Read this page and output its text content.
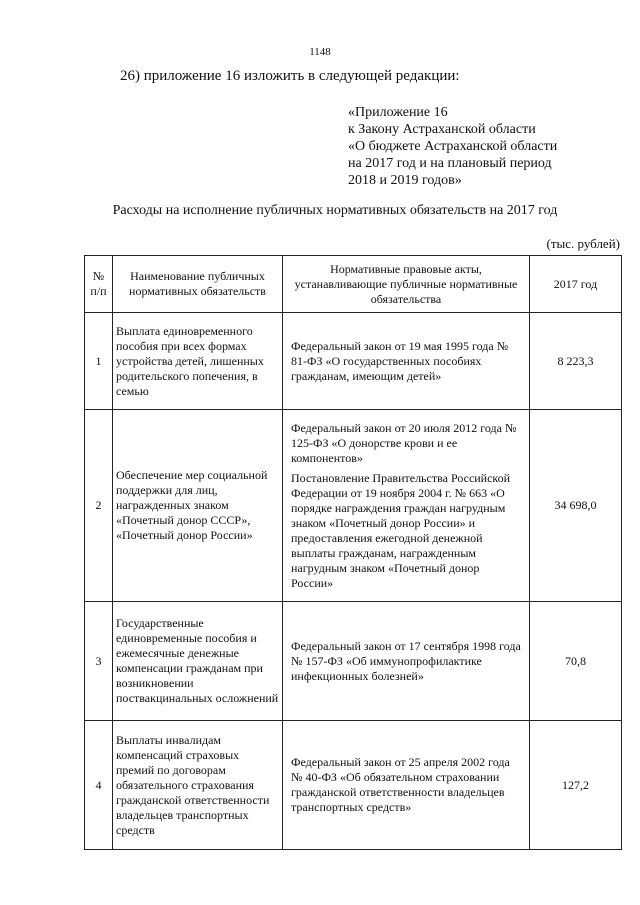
1148
26) приложение 16 изложить в следующей редакции:
«Приложение 16
к Закону Астраханской области
«О бюджете Астраханской области
на 2017 год и на плановый период
2018 и 2019 годов»
Расходы на исполнение публичных нормативных обязательств на 2017 год
(тыс. рублей)
№ п/п	Наименование публичных нормативных обязательств	Нормативные правовые акты, устанавливающие публичные нормативные обязательства	2017 год
1	Выплата единовременного пособия при всех формах устройства детей, лишенных родительского попечения, в семью	Федеральный закон от 19 мая 1995 года № 81-ФЗ «О государственных пособиях гражданам, имеющим детей»	8 223,3
2	Обеспечение мер социальной поддержки для лиц, награжденных знаком «Почетный донор СССР», «Почетный донор России»	Федеральный закон от 20 июля 2012 года № 125-ФЗ «О донорстве крови и ее компонентов»
Постановление Правительства Российской Федерации от 19 ноября 2004 г. № 663 «О порядке награждения граждан нагрудным знаком «Почетный донор России» и предоставления ежегодной денежной выплаты гражданам, награжденным нагрудным знаком «Почетный донор России»	34 698,0
3	Государственные единовременные пособия и ежемесячные денежные компенсации гражданам при возникновении поствакцинальных осложнений	Федеральный закон от 17 сентября 1998 года № 157-ФЗ «Об иммунопрофилактике инфекционных болезней»	70,8
4	Выплаты инвалидам компенсаций страховых премий по договорам обязательного страхования гражданской ответственности владельцев транспортных средств	Федеральный закон от 25 апреля 2002 года № 40-ФЗ «Об обязательном страховании гражданской ответственности владельцев транспортных средств»	127,2
